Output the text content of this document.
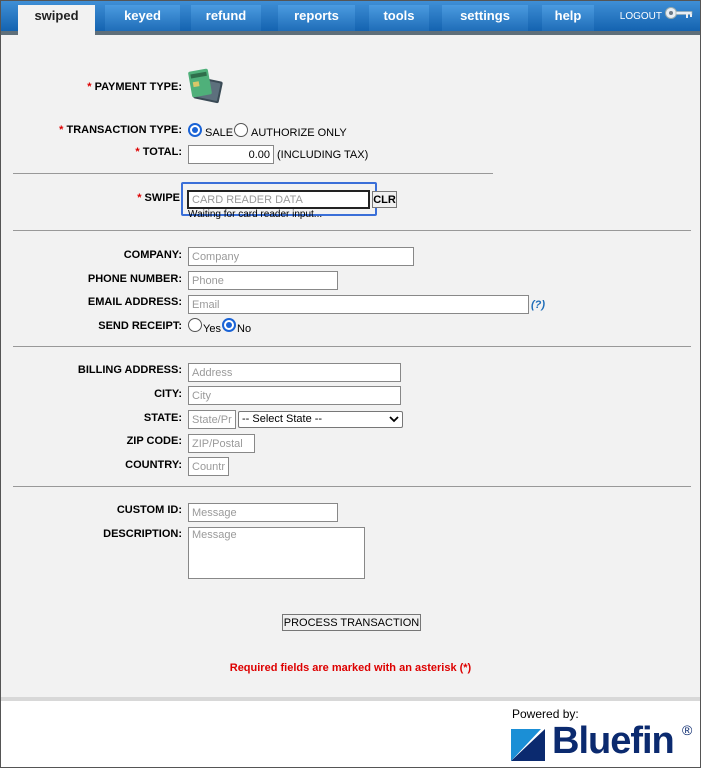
swiped	keyed	refund	reports	tools	settings	help	LOGOUT
* PAYMENT TYPE:
* TRANSACTION TYPE: SALE AUTHORIZE ONLY
* TOTAL:
0.00	(INCLUDING TAX)
* SWIPE
CARD READER DATA	CLR
Waiting for card reader input...
COMPANY:
Company
PHONE NUMBER:
Phone
EMAIL ADDRESS:
Email	(?)
SEND RECEIPT: Yes No
BILLING ADDRESS:
Address
CITY:
City
STATE:
State/Pr	-- Select State --
ZIP CODE:
ZIP/Postal
COUNTRY:
Countr
CUSTOM ID:
Message
DESCRIPTION:
Message
PROCESS TRANSACTION
Required fields are marked with an asterisk (*)
Powered by:
Bluefin ®
